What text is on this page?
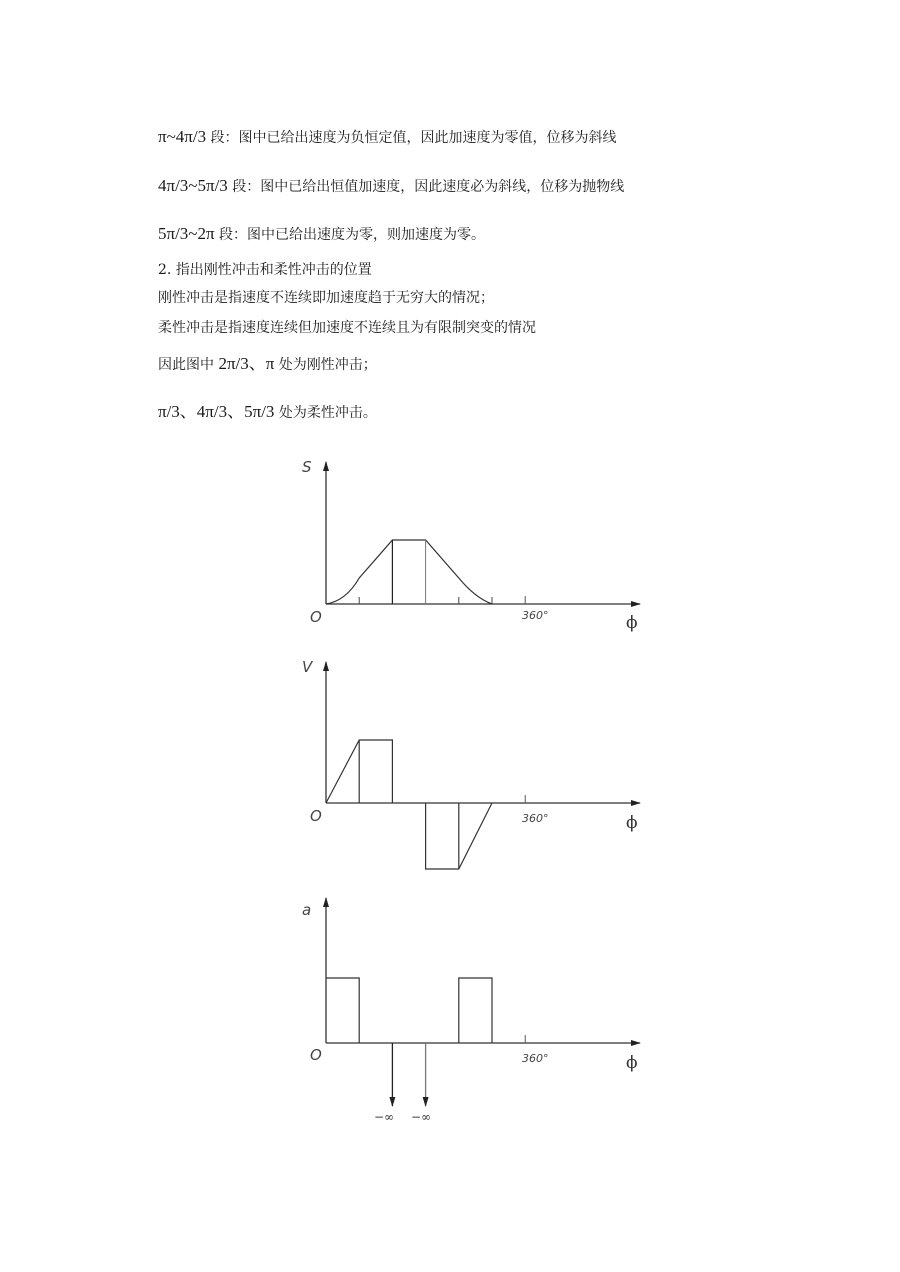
π~4π/3 段：图中已给出速度为负恒定值，因此加速度为零值，位移为斜线
4π/3~5π/3 段：图中已给出恒值加速度，因此速度必为斜线，位移为抛物线
5π/3~2π 段：图中已给出速度为零，则加速度为零。
2. 指出刚性冲击和柔性冲击的位置
刚性冲击是指速度不连续即加速度趋于无穷大的情况；
柔性冲击是指速度连续但加速度不连续且为有限制突变的情况
因此图中 2π/3、π 处为刚性冲击；
π/3、4π/3、5π/3 处为柔性冲击。
S
O	360°	ϕ
V
O	360°	ϕ
a
O	360°	ϕ
−∞ −∞
